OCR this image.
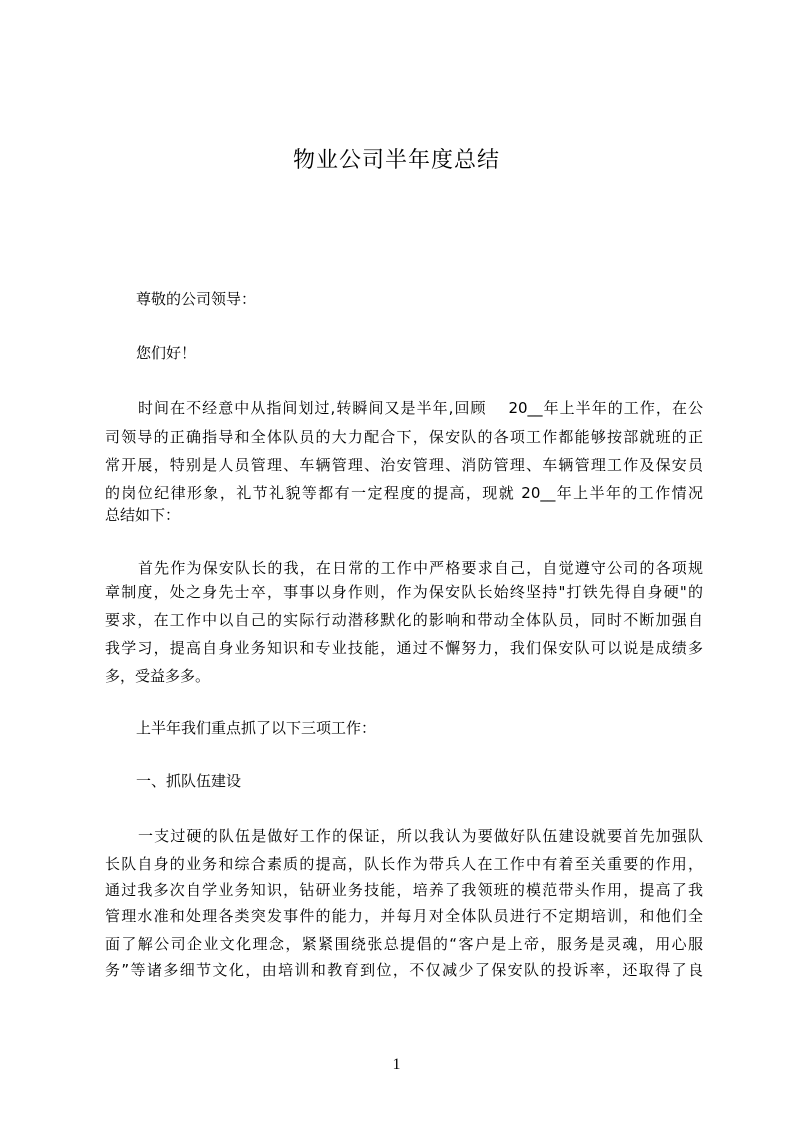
物业公司半年度总结
尊敬的公司领导：
您们好！
时间在不经意中从指间划过,转瞬间又是半年,回顾　 20__年上半年的工作，在公
司领导的正确指导和全体队员的大力配合下，保安队的各项工作都能够按部就班的正
常开展，特别是人员管理、车辆管理、治安管理、消防管理、车辆管理工作及保安员
的岗位纪律形象，礼节礼貌等都有一定程度的提高，现就 20__年上半年的工作情况
总结如下：
首先作为保安队长的我，在日常的工作中严格要求自己，自觉遵守公司的各项规
章制度，处之身先士卒，事事以身作则，作为保安队长始终坚持"打铁先得自身硬"的
要求，在工作中以自己的实际行动潜移默化的影响和带动全体队员，同时不断加强自
我学习，提高自身业务知识和专业技能，通过不懈努力，我们保安队可以说是成绩多
多，受益多多。
上半年我们重点抓了以下三项工作：
一、抓队伍建设
一支过硬的队伍是做好工作的保证，所以我认为要做好队伍建设就要首先加强队
长队自身的业务和综合素质的提高，队长作为带兵人在工作中有着至关重要的作用，
通过我多次自学业务知识，钻研业务技能，培养了我领班的模范带头作用，提高了我
管理水准和处理各类突发事件的能力，并每月对全体队员进行不定期培训，和他们全
面了解公司企业文化理念，紧紧围绕张总提倡的“客户是上帝，服务是灵魂，用心服
务”等诸多细节文化，由培训和教育到位，不仅减少了保安队的投诉率，还取得了良
1
